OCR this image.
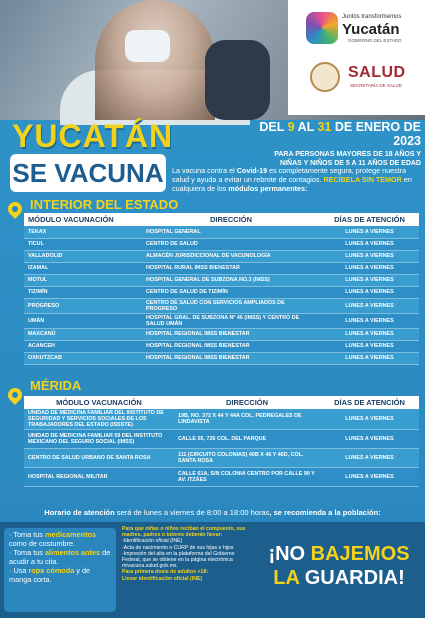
Juntos transformemos
Yucatán
GOBIERNO DEL ESTADO
SALUD
SECRETARÍA DE SALUD
YUCATÁN
SE VACUNA
DEL 9 AL 31 DE ENERO DE 2023
PARA PERSONAS MAYORES DE 18 AÑOS Y
NIÑAS Y NIÑOS DE 5 A 11 AÑOS DE EDAD
La vacuna contra el Covid-19 es completamente segura, protege nuestra salud y ayuda a evitar un rebrote de contagios. RECÍBELA SIN TEMOR en cualquiera de los módulos permanentes:
INTERIOR DEL ESTADO
MÓDULO VACUNACIÓN	DIRECCIÓN	DÍAS DE ATENCIÓN
TEKAX	HOSPITAL GENERAL	LUNES A VIERNES
TICUL	CENTRO DE SALUD	LUNES A VIERNES
VALLADOLID	ALMACÉN JURISDICCIONAL DE VACUNOLOGÍA	LUNES A VIERNES
IZAMAL	HOSPITAL RURAL IMSS BIENESTAR	LUNES A VIERNES
MOTUL	HOSPITAL GENERAL DE SUBZONA NO.3 (IMSS)	LUNES A VIERNES
TIZIMÍN	CENTRO DE SALUD DE TIZIMÍN	LUNES A VIERNES
PROGRESO	CENTRO DE SALUD CON SERVICIOS AMPLIADOS DE PROGRESO	LUNES A VIERNES
UMÁN	HOSPITAL GRAL. DE SUBZONA Nº 46 (IMSS) Y CENTRO DE SALUD UMÁN	LUNES A VIERNES
MAXCANÚ	HOSPITAL REGIONAL IMSS BIENESTAR	LUNES A VIERNES
ACANCEH	HOSPITAL REGIONAL IMSS BIENESTAR	LUNES A VIERNES
OXKUTZCAB	HOSPITAL REGIONAL IMSS BIENESTAR	LUNES A VIERNES
MÉRIDA
MÓDULO VACUNACIÓN	DIRECCIÓN	DÍAS DE ATENCIÓN
UNIDAD DE MEDICINA FAMILIAR DEL INSTITUTO DE SEGURIDAD Y SERVICIOS SOCIALES DE LOS TRABAJADORES DEL ESTADO (ISSSTE)	19B, NO. 372 X 44 Y 44A COL. PEDREGALES DE LINDAVISTA	LUNES A VIERNES
UNIDAD DE MEDICINA FAMILIAR 59 DEL INSTITUTO MEXICANO DEL SEGURO SOCIAL (IMSS)	CALLE 55, 726 COL. DEL PARQUE	LUNES A VIERNES
CENTRO DE SALUD URBANO DE SANTA ROSA	111 (CIRCUITO COLONIAS) 40B X 46 Y 46D, COL. SANTA ROSA	LUNES A VIERNES
HOSPITAL REGIONAL MILITAR	CALLE 61A, S/N COLONIA CENTRO POR CALLE 90 Y AV. ITZÁES	LUNES A VIERNES
Horario de atención será de lunes a viernes de 8:00 a 18:00 horas, se recomienda a la población:
· Toma tus medicamentos como de costumbre.
· Toma tus alimentos antes de acudir a tu cita.
· Usa ropa cómoda y de manga corta.
Para que niñas o niños reciban el compuesto, sus madres, padres o tutores deberán llevar:
-Identificación oficial (INE)
-Acta de nacimiento o CURP de sus hijas e hijos
-Impresión del alta en la plataforma del Gobierno Federal, que se obtiene en la página electrónica mivacuna.salud.gob.mx.
Para primera dosis de adultos +18:
Llevar identificación oficial (INE)
¡NO BAJEMOS
LA GUARDIA!
